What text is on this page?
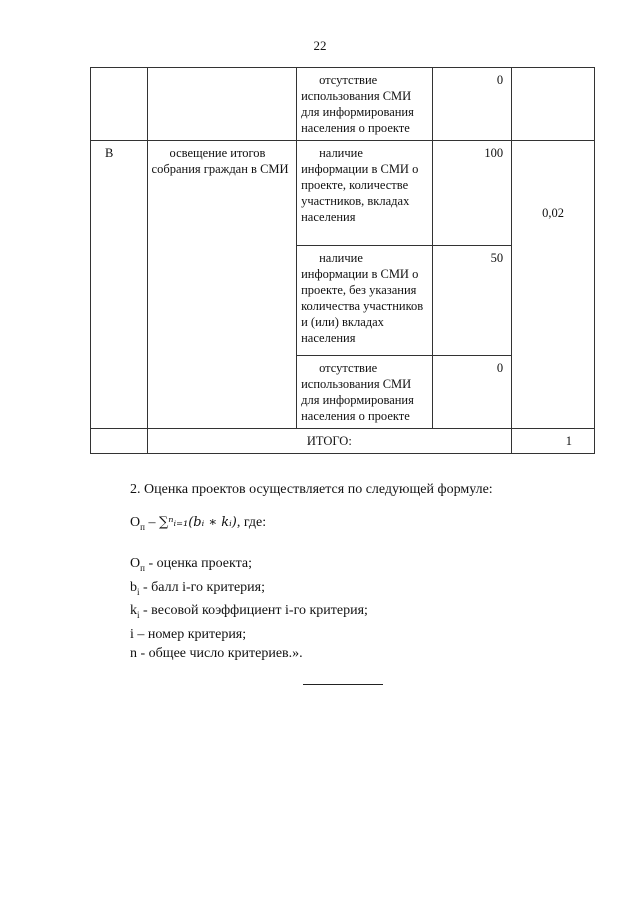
22
		отсутствие использования СМИ для информирования населения о проекте	0	
В	освещение итогов собрания граждан в СМИ	наличие информации в СМИ о проекте, количестве участников, вкладах населения	100	0,02
		наличие информации в СМИ о проекте, без указания количества участников и (или) вкладах населения	50	
		отсутствие использования СМИ для информирования населения о проекте	0	
	ИТОГО:			1

2. Оценка проектов осуществляется по следующей формуле:

$О_п$ – ∑ⁿᵢ₌₁(bᵢ ∗ kᵢ), где:

$О_п$ - оценка проекта;

$b_i$ - балл i-го критерия;

$k_i$ - весовой коэффициент i-го критерия;

i – номер критерия;

n - общее число критериев.».
